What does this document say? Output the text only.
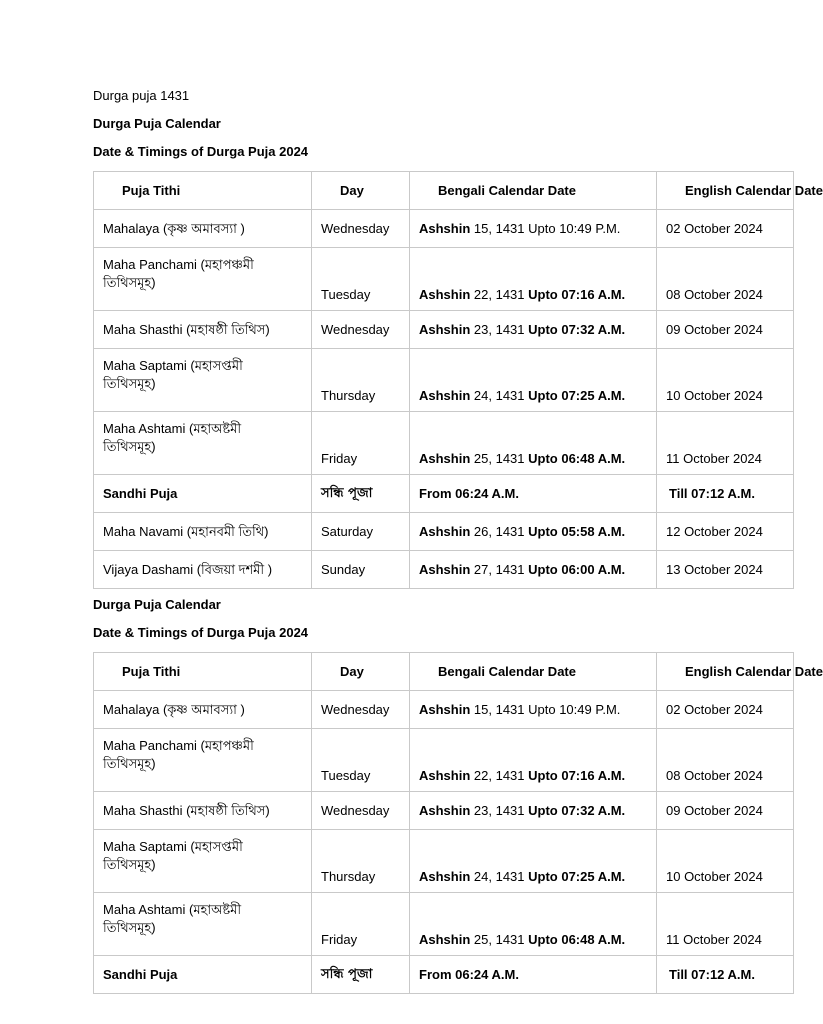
Durga puja 1431
Durga Puja Calendar
Date & Timings of Durga Puja 2024
Puja Tithi	Day	Bengali Calendar Date	English Calendar Date

Mahalaya (কৃষ্ণ অমাবস্যা )	Wednesday	Ashshin 15, 1431 Upto 10:49 P.M.	02 October 2024

Maha Panchami (মহাপঞ্চমী তিথিসমূহ)	Tuesday	Ashshin 22, 1431 Upto 07:16 A.M.	08 October 2024

Maha Shasthi (মহাষষ্ঠী তিথিস)	Wednesday	Ashshin 23, 1431 Upto 07:32 A.M.	09 October 2024

Maha Saptami (মহাসপ্তমী তিথিসমূহ)	Thursday	Ashshin 24, 1431 Upto 07:25 A.M.	10 October 2024

Maha Ashtami (মহাঅষ্টমী তিথিসমূহ)	Friday	Ashshin 25, 1431 Upto 06:48 A.M.	11 October 2024
Sandhi Puja	সন্ধি পূজা	From 06:24 A.M.	Till 07:12 A.M.

Maha Navami (মহানবমী তিথি)	Saturday	Ashshin 26, 1431 Upto 05:58 A.M.	12 October 2024

Vijaya Dashami (বিজয়া দশমী )	Sunday	Ashshin 27, 1431 Upto 06:00 A.M.	13 October 2024
Durga Puja Calendar
Date & Timings of Durga Puja 2024
Puja Tithi	Day	Bengali Calendar Date	English Calendar Date

Mahalaya (কৃষ্ণ অমাবস্যা )	Wednesday	Ashshin 15, 1431 Upto 10:49 P.M.	02 October 2024

Maha Panchami (মহাপঞ্চমী তিথিসমূহ)	Tuesday	Ashshin 22, 1431 Upto 07:16 A.M.	08 October 2024

Maha Shasthi (মহাষষ্ঠী তিথিস)	Wednesday	Ashshin 23, 1431 Upto 07:32 A.M.	09 October 2024

Maha Saptami (মহাসপ্তমী তিথিসমূহ)	Thursday	Ashshin 24, 1431 Upto 07:25 A.M.	10 October 2024

Maha Ashtami (মহাঅষ্টমী তিথিসমূহ)	Friday	Ashshin 25, 1431 Upto 06:48 A.M.	11 October 2024
Sandhi Puja	সন্ধি পূজা	From 06:24 A.M.	Till 07:12 A.M.
